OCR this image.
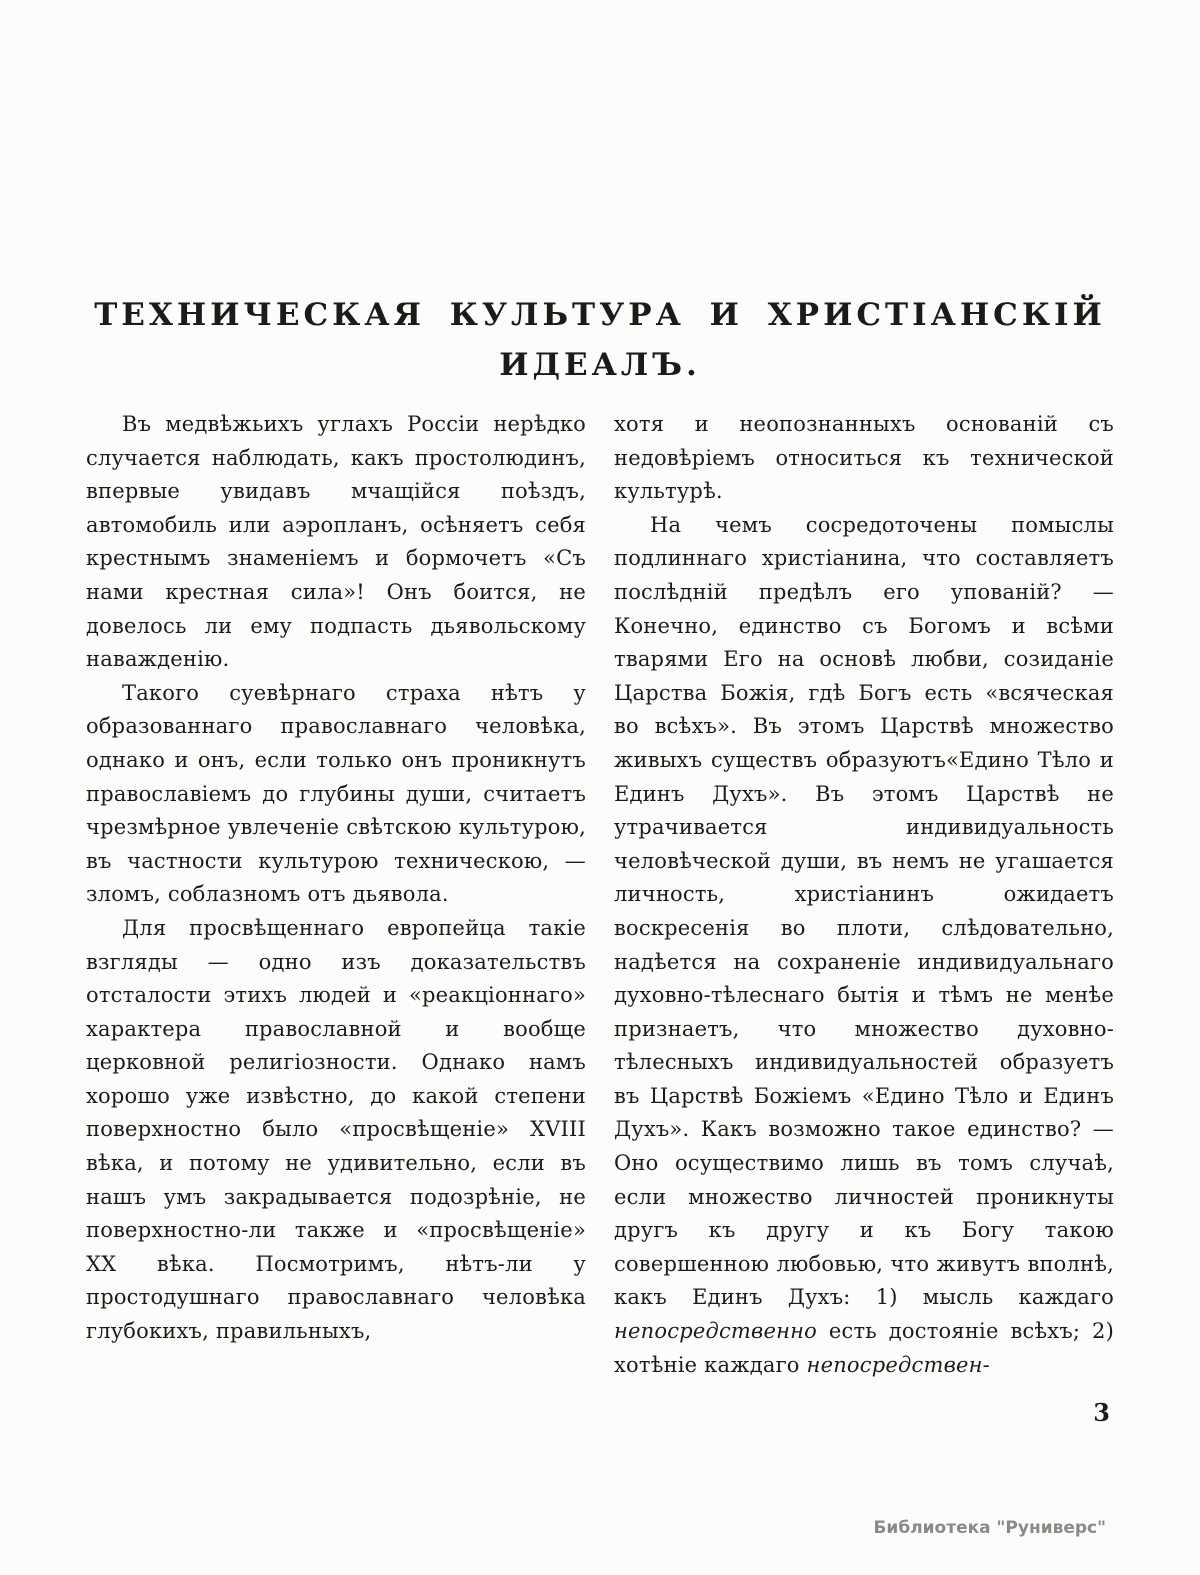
ТЕХНИЧЕСКАЯ КУЛЬТУРА И ХРИСТІАНСКІЙ
ИДЕАЛЪ.

Въ медвѣжьихъ углахъ Россіи нерѣдко случается наблюдать, какъ простолюдинъ, впервые увидавъ мчащійся поѣздъ, автомобиль или аэропланъ, осѣняетъ себя крестнымъ знаменіемъ и бормочетъ «Съ нами крестная сила»! Онъ боится, не довелось ли ему подпасть дьявольскому наважденію.

Такого суевѣрнаго страха нѣтъ у образованнаго православнаго человѣка, однако и онъ, если только онъ проникнутъ православіемъ до глубины души, считаетъ чрезмѣрное увлеченіе свѣтскою культурою, въ частности культурою техническою, — зломъ, соблазномъ отъ дьявола.

Для просвѣщеннаго европейца такіе взгляды — одно изъ доказательствъ отсталости этихъ людей и «реакціоннаго» характера православной и вообще церковной религіозности. Однако намъ хорошо уже извѣстно, до какой степени поверхностно было «просвѣщеніе» XVIII вѣка, и потому не удивительно, если въ нашъ умъ закрадывается подозрѣніе, не поверхностно-ли также и «просвѣщеніе» XX вѣка. Посмотримъ, нѣтъ-ли у простодушнаго православнаго человѣка глубокихъ, правильныхъ,

хотя и неопознанныхъ основаній съ недовѣріемъ относиться къ технической культурѣ.

На чемъ сосредоточены помыслы подлиннаго христіанина, что составляетъ послѣдній предѣлъ его упованій? — Конечно, единство съ Богомъ и всѣми тварями Его на основѣ любви, созиданіе Царства Божія, гдѣ Богъ есть «всяческая во всѣхъ». Въ этомъ Царствѣ множество живыхъ существъ образуютъ«Едино Тѣло и Единъ Духъ». Въ этомъ Царствѣ не утрачивается индивидуальность человѣческой души, въ немъ не угашается личность, христіанинъ ожидаетъ воскресенія во плоти, слѣдовательно, надѣется на сохраненіе индивидуальнаго духовно-тѣлеснаго бытія и тѣмъ не менѣе признаетъ, что множество духовно-тѣлесныхъ индивидуальностей образуетъ въ Царствѣ Божіемъ «Едино Тѣло и Единъ Духъ». Какъ возможно такое единство? — Оно осуществимо лишь въ томъ случаѣ, если множество личностей проникнуты другъ къ другу и къ Богу такою совершенною любовью, что живутъ вполнѣ, какъ Единъ Духъ: 1) мысль каждаго непосредственно есть достояніе всѣхъ; 2) хотѣніе каждаго непосредствен-

3
Библиотека "Руниверс"
